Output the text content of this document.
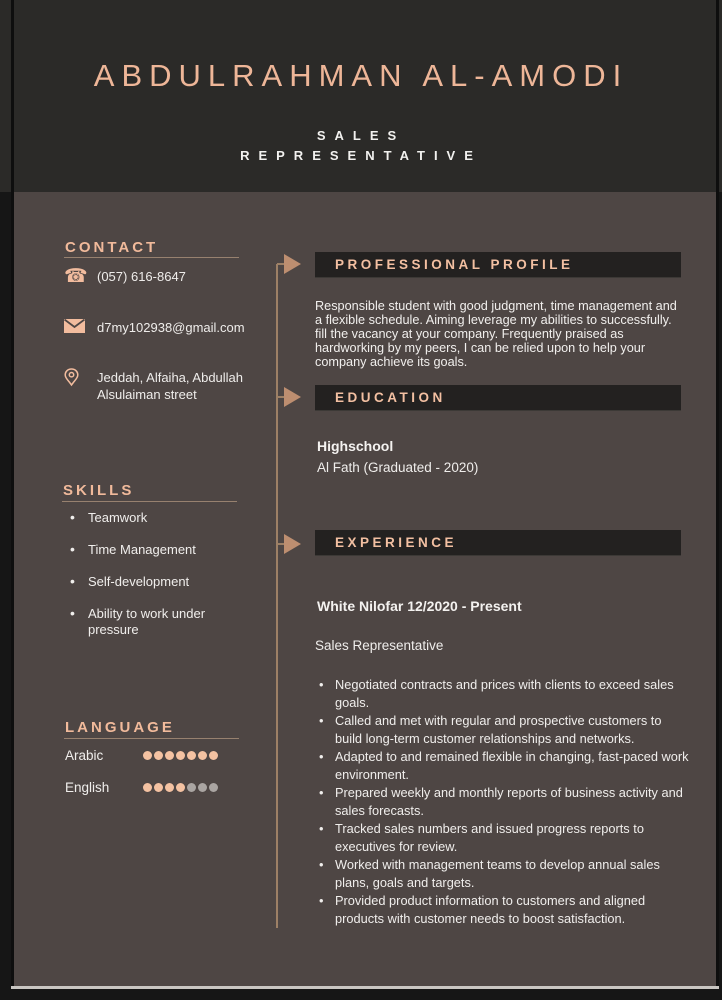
ABDULRAHMAN AL-AMODI
SALES
REPRESENTATIVE
CONTACT
☎ (057) 616-8647
d7my102938@gmail.com
Jeddah, Alfaiha, Abdullah Alsulaiman street
SKILLS
• Teamwork
• Time Management
• Self-development
• Ability to work under pressure
LANGUAGE
Arabic
English
PROFESSIONAL PROFILE
Responsible student with good judgment, time management and a flexible schedule. Aiming leverage my abilities to successfully. fill the vacancy at your company. Frequently praised as hardworking by my peers, I can be relied upon to help your company achieve its goals.
EDUCATION
Highschool
Al Fath (Graduated - 2020)
EXPERIENCE
White Nilofar 12/2020 - Present
Sales Representative
• Negotiated contracts and prices with clients to exceed sales goals.
• Called and met with regular and prospective customers to build long-term customer relationships and networks.
• Adapted to and remained flexible in changing, fast-paced work environment.
• Prepared weekly and monthly reports of business activity and sales forecasts.
• Tracked sales numbers and issued progress reports to executives for review.
• Worked with management teams to develop annual sales plans, goals and targets.
• Provided product information to customers and aligned products with customer needs to boost satisfaction.
